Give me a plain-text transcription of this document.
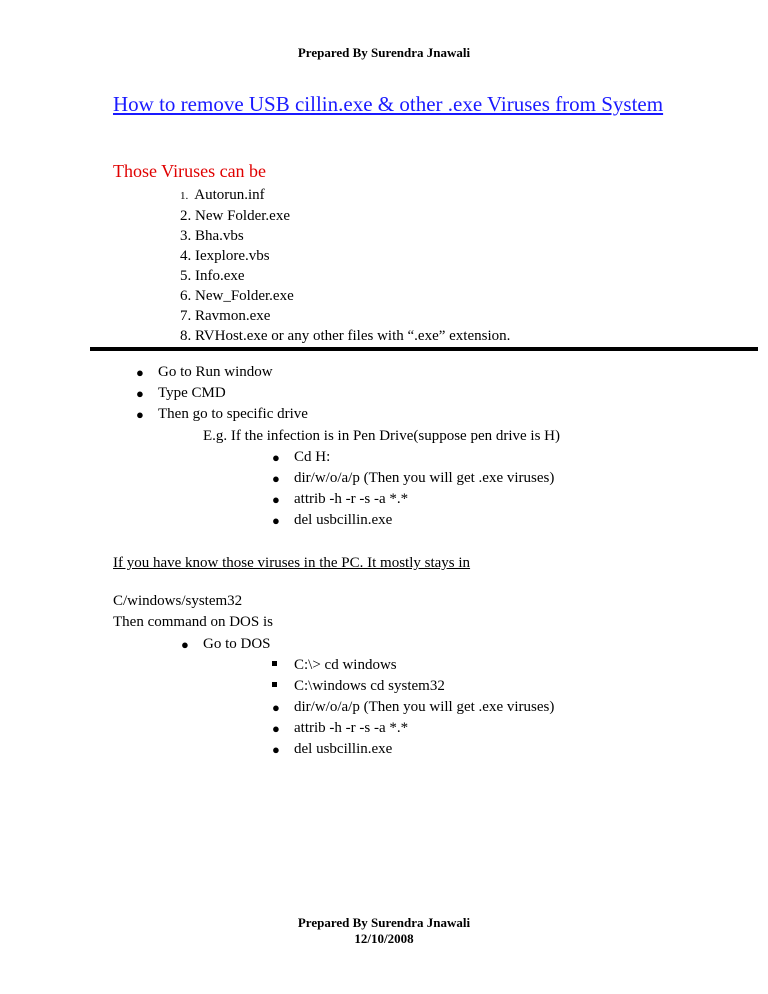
Prepared By Surendra Jnawali
How to remove USB cillin.exe & other .exe Viruses from System
Those Viruses can be
1. Autorun.inf
2. New Folder.exe
3. Bha.vbs
4. Iexplore.vbs
5. Info.exe
6. New_Folder.exe
7. Ravmon.exe
8. RVHost.exe or any other files with “.exe” extension.
● Go to Run window
● Type CMD
● Then go to specific drive
E.g. If the infection is in Pen Drive(suppose pen drive is H)
● Cd H:
● dir/w/o/a/p (Then you will get .exe viruses)
● attrib -h -r -s -a *.*
● del usbcillin.exe
If you have know those viruses in the PC. It mostly stays in
C/windows/system32
Then command on DOS is
● Go to DOS
C:\> cd windows
C:\windows cd system32
● dir/w/o/a/p (Then you will get .exe viruses)
● attrib -h -r -s -a *.*
● del usbcillin.exe
Prepared By Surendra Jnawali
12/10/2008
